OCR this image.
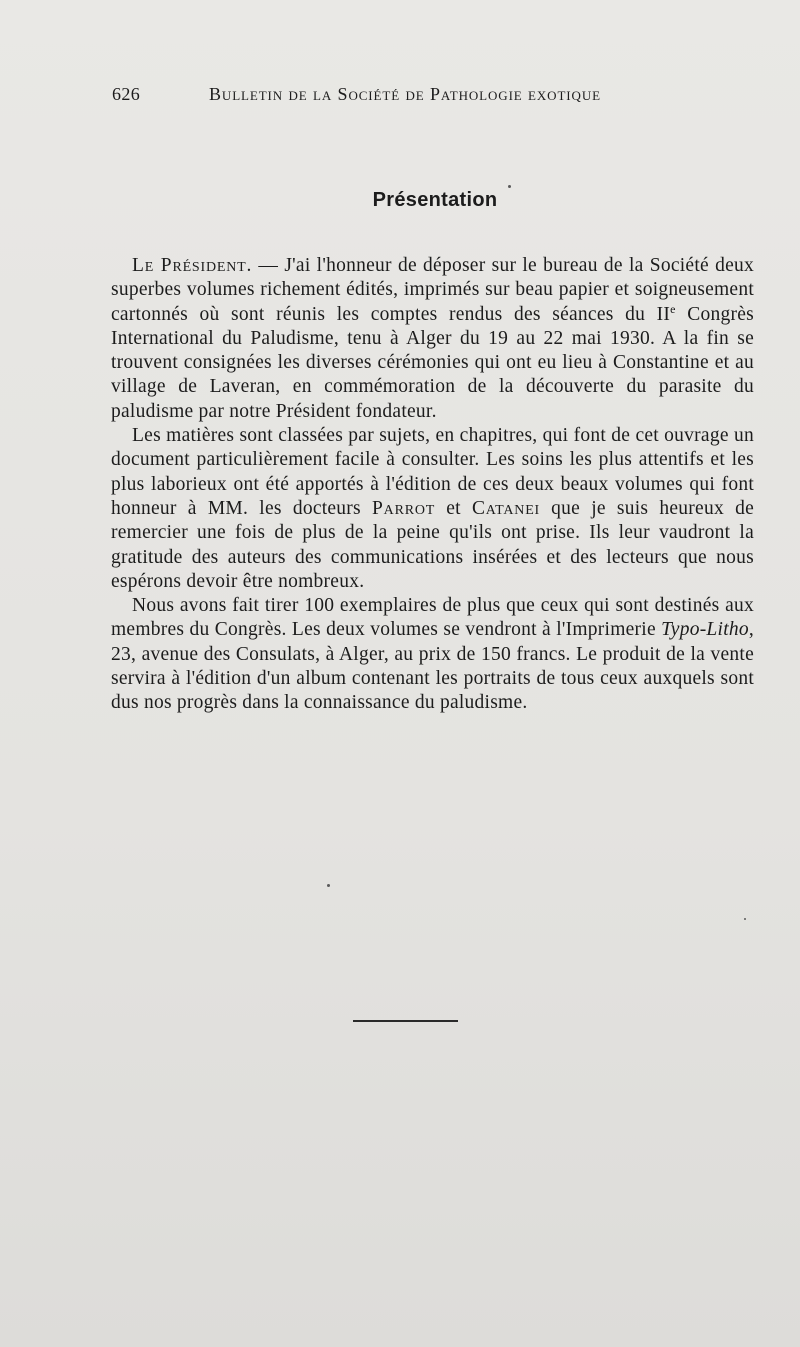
626	Bulletin de la Société de Pathologie exotique
Présentation

Le Président. — J'ai l'honneur de déposer sur le bureau de la Société deux superbes volumes richement édités, imprimés sur beau papier et soigneusement cartonnés où sont réunis les comptes rendus des séances du IIe Congrès International du Paludisme, tenu à Alger du 19 au 22 mai 1930. A la fin se trouvent consignées les diverses cérémonies qui ont eu lieu à Constantine et au village de Laveran, en commémoration de la découverte du parasite du paludisme par notre Président fondateur.

Les matières sont classées par sujets, en chapitres, qui font de cet ouvrage un document particulièrement facile à consulter. Les soins les plus attentifs et les plus laborieux ont été apportés à l'édition de ces deux beaux volumes qui font honneur à MM. les docteurs Parrot et Catanei que je suis heureux de remercier une fois de plus de la peine qu'ils ont prise. Ils leur vaudront la gratitude des auteurs des communications insérées et des lecteurs que nous espérons devoir être nombreux.

Nous avons fait tirer 100 exemplaires de plus que ceux qui sont destinés aux membres du Congrès. Les deux volumes se vendront à l'Imprimerie Typo-Litho, 23, avenue des Consulats, à Alger, au prix de 150 francs. Le produit de la vente servira à l'édition d'un album contenant les portraits de tous ceux auxquels sont dus nos progrès dans la connaissance du paludisme.
